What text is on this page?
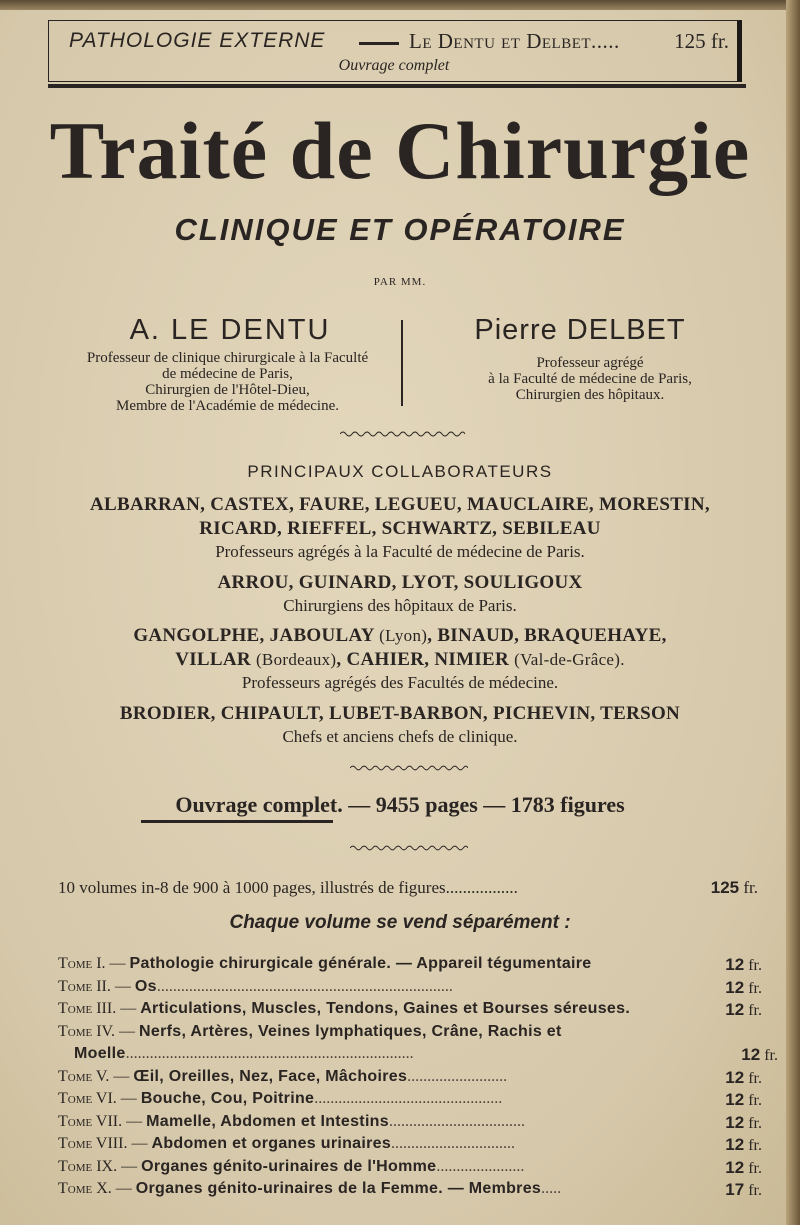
PATHOLOGIE EXTERNE	Le Dentu et Delbet.....	125 fr.
Ouvrage complet
Traité de Chirurgie
CLINIQUE ET OPÉRATOIRE
PAR MM.
A. LE DENTU	Pierre DELBET
Professeur de clinique chirurgicale à la Faculté
de médecine de Paris,
Chirurgien de l'Hôtel-Dieu,
Membre de l'Académie de médecine.
Professeur agrégé
à la Faculté de médecine de Paris,
Chirurgien des hôpitaux.
PRINCIPAUX COLLABORATEURS
ALBARRAN, CASTEX, FAURE, LEGUEU, MAUCLAIRE, MORESTIN,
RICARD, RIEFFEL, SCHWARTZ, SEBILEAU
Professeurs agrégés à la Faculté de médecine de Paris.
ARROU, GUINARD, LYOT, SOULIGOUX
Chirurgiens des hôpitaux de Paris.
GANGOLPHE, JABOULAY (Lyon), BINAUD, BRAQUEHAYE,
VILLAR (Bordeaux), CAHIER, NIMIER (Val-de-Grâce).
Professeurs agrégés des Facultés de médecine.
BRODIER, CHIPAULT, LUBET-BARBON, PICHEVIN, TERSON
Chefs et anciens chefs de clinique.
Ouvrage complet. — 9455 pages — 1783 figures
10 volumes in-8 de 900 à 1000 pages, illustrés de figures.................	125 fr.
Chaque volume se vend séparément :
Tome I. — Pathologie chirurgicale générale. — Appareil tégumentaire	12 fr.
Tome II. — Os..........................................................................	12 fr.
Tome III. — Articulations, Muscles, Tendons, Gaines et Bourses séreuses.	12 fr.
Tome IV. — Nerfs, Artères, Veines lymphatiques, Crâne, Rachis et
Moelle........................................................................	12 fr.
Tome V. — Œil, Oreilles, Nez, Face, Mâchoires.........................	12 fr.
Tome VI. — Bouche, Cou, Poitrine...............................................	12 fr.
Tome VII. — Mamelle, Abdomen et Intestins..................................	12 fr.
Tome VIII. — Abdomen et organes urinaires...............................	12 fr.
Tome IX. — Organes génito-urinaires de l'Homme......................	12 fr.
Tome X. — Organes génito-urinaires de la Femme. — Membres.....	17 fr.
